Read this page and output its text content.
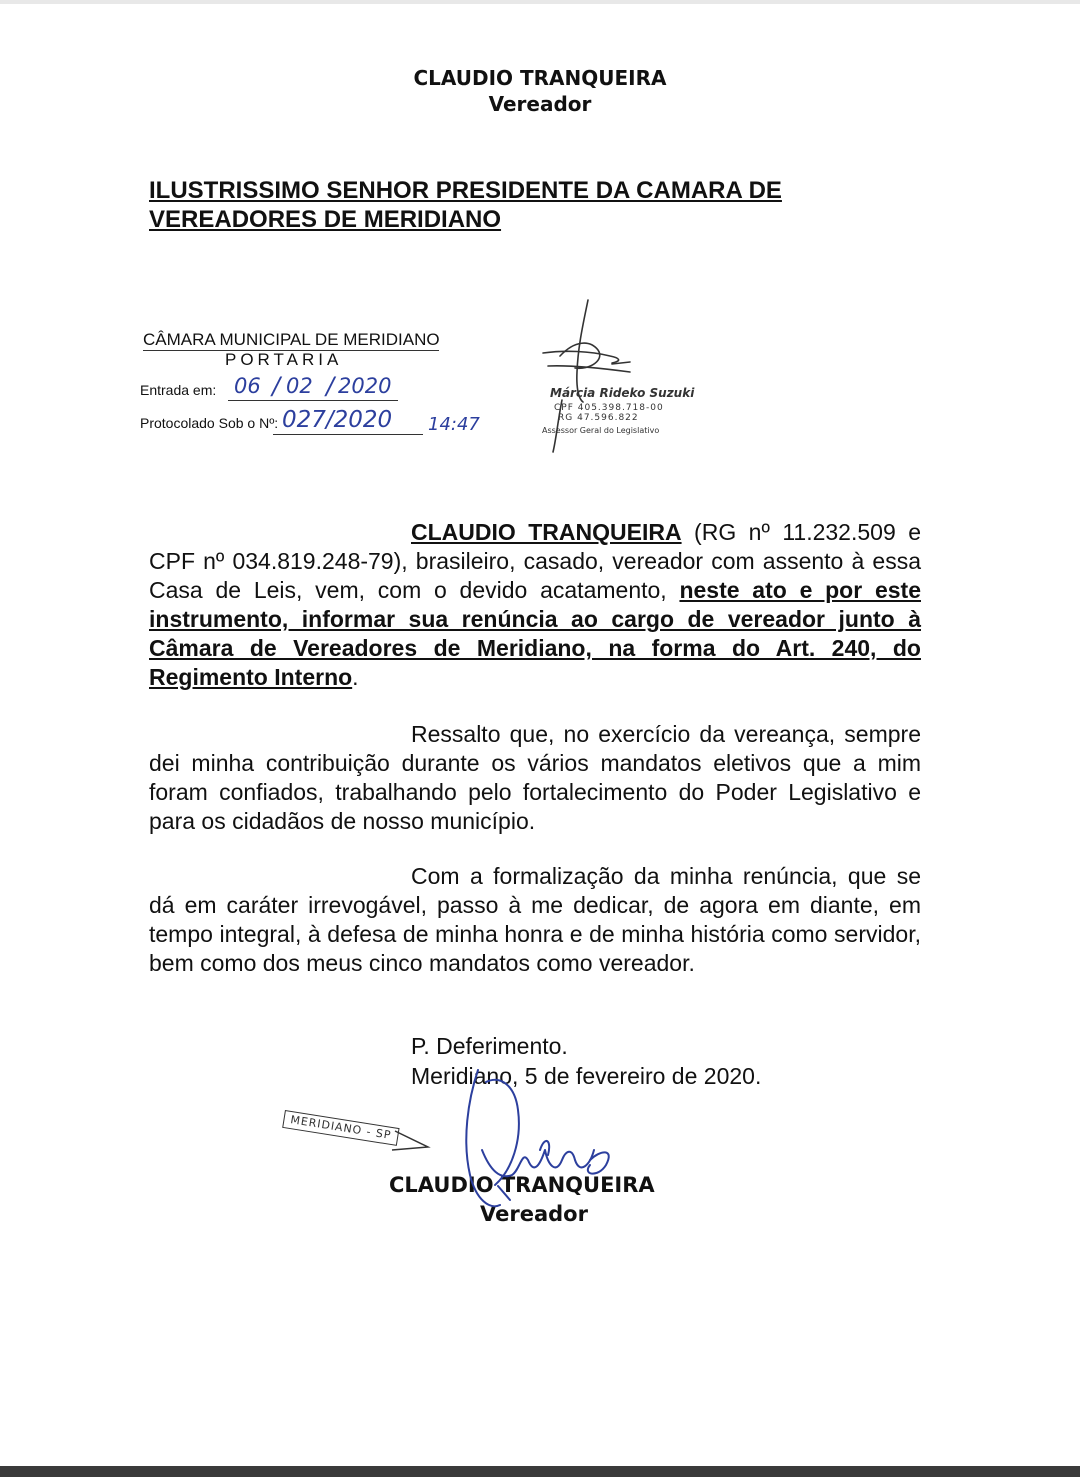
CLAUDIO TRANQUEIRA
Vereador
ILUSTRISSIMO SENHOR PRESIDENTE DA CAMARA DE
VEREADORES DE MERIDIANO
CÂMARA MUNICIPAL DE MERIDIANO
PORTARIA
Entrada em: 06 / 02 / 2020
Protocolado Sob o Nº: 027/2020 14:47
Márcia Rideko Suzuki
CPF 405.398.718-00
RG 47.596.822
Assessor Geral do Legislativo
CLAUDIO TRANQUEIRA (RG nº 11.232.509 e CPF nº 034.819.248-79), brasileiro, casado, vereador com assento à essa Casa de Leis, vem, com o devido acatamento, neste ato e por este instrumento, informar sua renúncia ao cargo de vereador junto à Câmara de Vereadores de Meridiano, na forma do Art. 240, do Regimento Interno.
Ressalto que, no exercício da vereança, sempre dei minha contribuição durante os vários mandatos eletivos que a mim foram confiados, trabalhando pelo fortalecimento do Poder Legislativo e para os cidadãos de nosso município.
Com a formalização da minha renúncia, que se dá em caráter irrevogável, passo à me dedicar, de agora em diante, em tempo integral, à defesa de minha honra e de minha história como servidor, bem como dos meus cinco mandatos como vereador.
P. Deferimento.
Meridiano, 5 de fevereiro de 2020.
MERIDIANO - SP
CLAUDIO TRANQUEIRA
Vereador
